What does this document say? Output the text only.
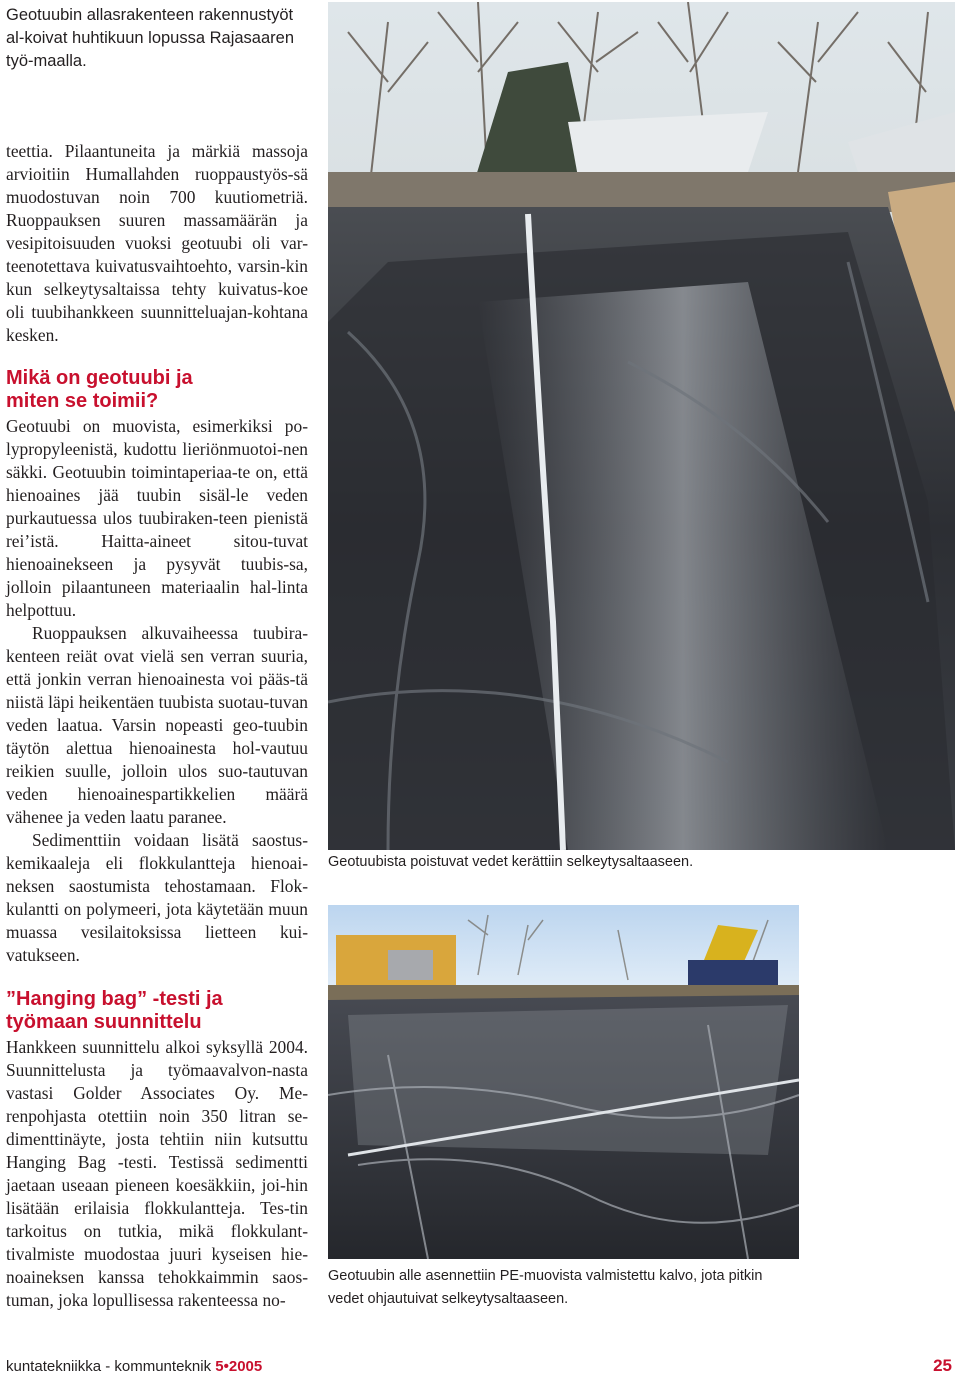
Geotuubin allasrakenteen rakennustyöt al-koivat huhtikuun lopussa Rajasaaren työ-maalla.

teettia. Pilaantuneita ja märkiä massoja arvioitiin Humallahden ruoppaustyös-sä muodostuvan noin 700 kuutiometriä. Ruoppauksen suuren massamäärän ja vesipitoisuuden vuoksi geotuubi oli var-teenotettava kuivatusvaihtoehto, varsin-kin kun selkeytysaltaissa tehty kuivatus-koe oli tuubihankkeen suunnitteluajan-kohtana kesken.

Mikä on geotuubi ja miten se toimii?

Geotuubi on muovista, esimerkiksi po-lypropyleenistä, kudottu lieriönmuotoi-nen säkki. Geotuubin toimintaperiaa-te on, että hienoaines jää tuubin sisäl-le veden purkautuessa ulos tuubiraken-teen pienistä rei’istä. Haitta-aineet sitou-tuvat hienoainekseen ja pysyvät tuubis-sa, jolloin pilaantuneen materiaalin hal-linta helpottuu.

Ruoppauksen alkuvaiheessa tuubira-kenteen reiät ovat vielä sen verran suuria, että jonkin verran hienoainesta voi pääs-tä niistä läpi heikentäen tuubista suotau-tuvan veden laatua. Varsin nopeasti geo-tuubin täytön alettua hienoainesta hol-vautuu reikien suulle, jolloin ulos suo-tautuvan veden hienoainespartikkelien määrä vähenee ja veden laatu paranee.

Sedimenttiin voidaan lisätä saostus-kemikaaleja eli flokkulantteja hienoai-neksen saostumista tehostamaan. Flok-kulantti on polymeeri, jota käytetään muun muassa vesilaitoksissa lietteen kui-vatukseen.

”Hanging bag” -testi ja työmaan suunnittelu

Hankkeen suunnittelu alkoi syksyllä 2004. Suunnittelusta ja työmaavalvon-nasta vastasi Golder Associates Oy. Me-renpohjasta otettiin noin 350 litran se-dimenttinäyte, josta tehtiin niin kutsuttu Hanging Bag -testi. Testissä sedimentti jaetaan useaan pieneen koesäkkiin, joi-hin lisätään erilaisia flokkulantteja. Tes-tin tarkoitus on tutkia, mikä flokkulant-tivalmiste muodostaa juuri kyseisen hie-noaineksen kanssa tehokkaimmin saos-tuman, joka lopullisessa rakenteessa no-

Geotuubista poistuvat vedet kerättiin selkeytysaltaaseen.
Geotuubin alle asennettiin PE-muovista valmistettu kalvo, jota pitkin vedet ohjautuivat selkeytysaltaaseen.
kuntatekniikka - kommunteknik 5•2005	25
